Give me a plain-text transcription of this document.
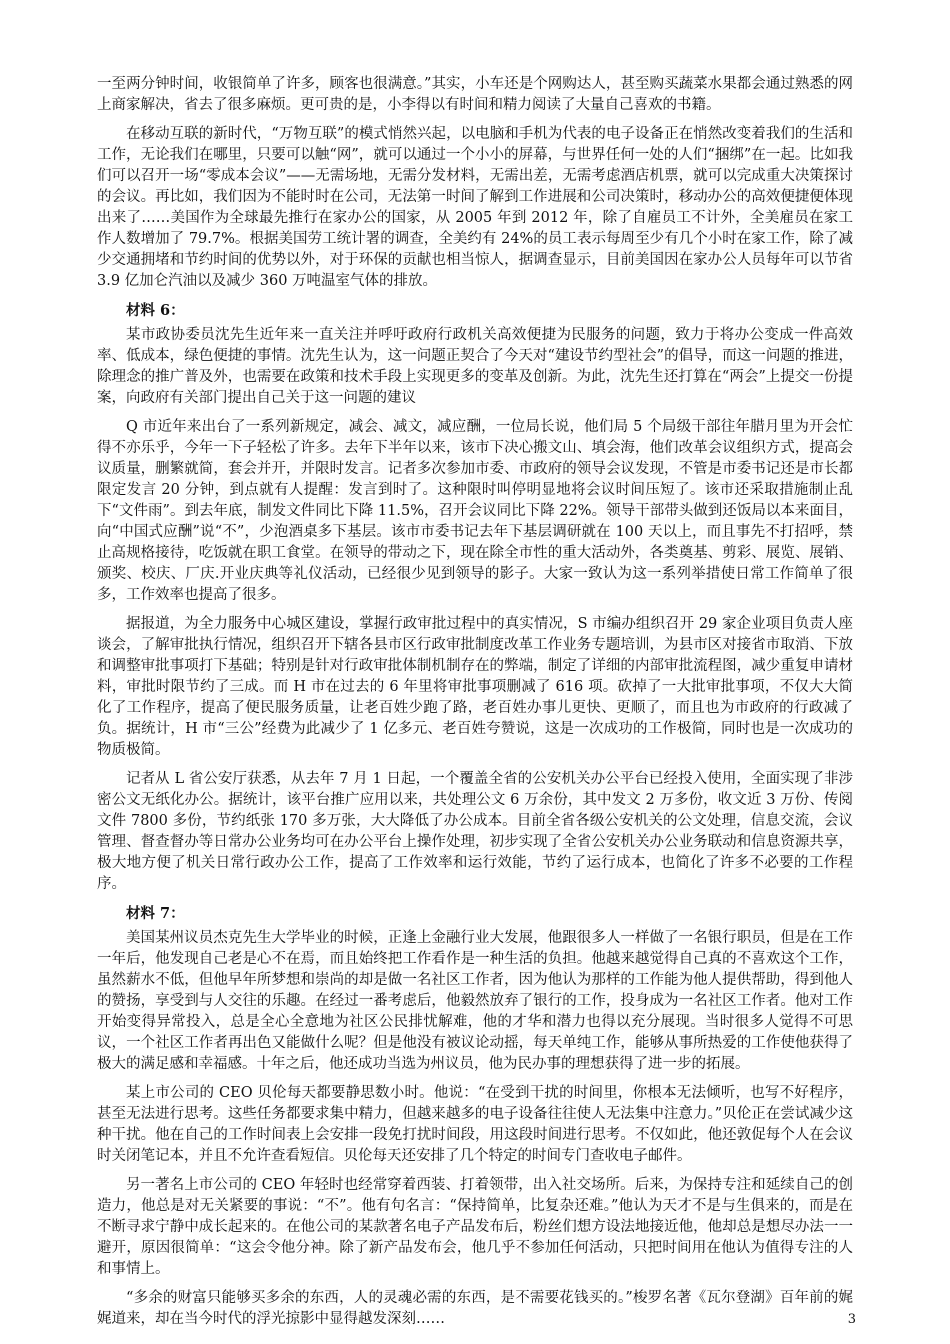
一至两分钟时间，收银简单了许多，顾客也很满意。”其实，小车还是个网购达人，甚至购买蔬菜水果都会通过熟悉的网上商家解决，省去了很多麻烦。更可贵的是，小李得以有时间和精力阅读了大量自己喜欢的书籍。

在移动互联的新时代，“万物互联”的模式悄然兴起，以电脑和手机为代表的电子设备正在悄然改变着我们的生活和工作，无论我们在哪里，只要可以触“网”，就可以通过一个小小的屏幕，与世界任何一处的人们“捆绑”在一起。比如我们可以召开一场“零成本会议”——无需场地，无需分发材料，无需出差，无需考虑酒店机票，就可以完成重大决策探讨的会议。再比如，我们因为不能时时在公司，无法第一时间了解到工作进展和公司决策时，移动办公的高效便捷便体现出来了……美国作为全球最先推行在家办公的国家，从 2005 年到 2012 年，除了自雇员工不计外，全美雇员在家工作人数增加了 79.7%。根据美国劳工统计署的调查，全美约有 24%的员工表示每周至少有几个小时在家工作，除了减少交通拥堵和节约时间的优势以外，对于环保的贡献也相当惊人，据调查显示，目前美国因在家办公人员每年可以节省 3.9 亿加仑汽油以及减少 360 万吨温室气体的排放。

材料 6：

某市政协委员沈先生近年来一直关注并呼吁政府行政机关高效便捷为民服务的问题，致力于将办公变成一件高效率、低成本，绿色便捷的事情。沈先生认为，这一问题正契合了今天对“建设节约型社会”的倡导，而这一问题的推进，除理念的推广普及外，也需要在政策和技术手段上实现更多的变革及创新。为此，沈先生还打算在“两会”上提交一份提案，向政府有关部门提出自己关于这一问题的建议

Q 市近年来出台了一系列新规定，减会、减文，减应酬，一位局长说，他们局 5 个局级干部往年腊月里为开会忙得不亦乐乎，今年一下子轻松了许多。去年下半年以来，该市下决心搬文山、填会海，他们改革会议组织方式，提高会议质量，删繁就简，套会并开，并限时发言。记者多次参加市委、市政府的领导会议发现，不管是市委书记还是市长都限定发言 20 分钟，到点就有人提醒：发言到时了。这种限时叫停明显地将会议时间压短了。该市还采取措施制止乱下“文件雨”。到去年底，制发文件同比下降 11.5%，召开会议同比下降 22%。领导干部带头做到还饭局以本来面目，向“中国式应酬”说“不”，少泡酒桌多下基层。该市市委书记去年下基层调研就在 100 天以上，而且事先不打招呼，禁止高规格接待，吃饭就在职工食堂。在领导的带动之下，现在除全市性的重大活动外，各类奠基、剪彩、展览、展销、颁奖、校庆、厂庆.开业庆典等礼仪活动，已经很少见到领导的影子。大家一致认为这一系列举措使日常工作简单了很多，工作效率也提高了很多。

据报道，为全力服务中心城区建设，掌握行政审批过程中的真实情况，S 市编办组织召开 29 家企业项目负责人座谈会，了解审批执行情况，组织召开下辖各县市区行政审批制度改革工作业务专题培训，为县市区对接省市取消、下放和调整审批事项打下基础；特别是针对行政审批体制机制存在的弊端，制定了详细的内部审批流程图，减少重复申请材料，审批时限节约了三成。而 H 市在过去的 6 年里将审批事项删减了 616 项。砍掉了一大批审批事项，不仅大大简化了工作程序，提高了便民服务质量，让老百姓少跑了路，老百姓办事儿更快、更顺了，而且也为市政府的行政减了负。据统计，H 市“三公”经费为此减少了 1 亿多元、老百姓夸赞说，这是一次成功的工作极简，同时也是一次成功的物质极简。

记者从 L 省公安厅获悉，从去年 7 月 1 日起，一个覆盖全省的公安机关办公平台已经投入使用，全面实现了非涉密公文无纸化办公。据统计，该平台推广应用以来，共处理公文 6 万余份，其中发文 2 万多份，收文近 3 万份、传阅文件 7800 多份，节约纸张 170 多万张，大大降低了办公成本。目前全省各级公安机关的公文处理，信息交流，会议管理、督查督办等日常办公业务均可在办公平台上操作处理，初步实现了全省公安机关办公业务联动和信息资源共享，极大地方便了机关日常行政办公工作，提高了工作效率和运行效能，节约了运行成本，也简化了许多不必要的工作程序。

材料 7：

美国某州议员杰克先生大学毕业的时候，正逢上金融行业大发展，他跟很多人一样做了一名银行职员，但是在工作一年后，他发现自己老是心不在焉，而且始终把工作看作是一种生活的负担。他越来越觉得自己真的不喜欢这个工作，虽然薪水不低，但他早年所梦想和崇尚的却是做一名社区工作者，因为他认为那样的工作能为他人提供帮助，得到他人的赞扬，享受到与人交往的乐趣。在经过一番考虑后，他毅然放弃了银行的工作，投身成为一名社区工作者。他对工作开始变得异常投入，总是全心全意地为社区公民排忧解难，他的才华和潜力也得以充分展现。当时很多人觉得不可思议，一个社区工作者再出色又能做什么呢？但是他没有被议论动摇，每天单纯工作，能够从事所热爱的工作使他获得了极大的满足感和幸福感。十年之后，他还成功当选为州议员，他为民办事的理想获得了进一步的拓展。

某上市公司的 CEO 贝伦每天都要静思数小时。他说：“在受到干扰的时间里，你根本无法倾听，也写不好程序，甚至无法进行思考。这些任务都要求集中精力，但越来越多的电子设备往往使人无法集中注意力。”贝伦正在尝试减少这种干扰。他在自己的工作时间表上会安排一段免打扰时间段，用这段时间进行思考。不仅如此，他还敦促每个人在会议时关闭笔记本，并且不允许查看短信。贝伦每天还安排了几个特定的时间专门查收电子邮件。

另一著名上市公司的 CEO 年轻时也经常穿着西装、打着领带，出入社交场所。后来，为保持专注和延续自己的创造力，他总是对无关紧要的事说：“不”。他有句名言：“保持简单，比复杂还难。”他认为天才不是与生俱来的，而是在不断寻求宁静中成长起来的。在他公司的某款著名电子产品发布后，粉丝们想方设法地接近他，他却总是想尽办法一一避开，原因很简单：“这会令他分神。除了新产品发布会，他几乎不参加任何活动，只把时间用在他认为值得专注的人和事情上。

“多余的财富只能够买多余的东西，人的灵魂必需的东西，是不需要花钱买的。”梭罗名著《瓦尔登湖》百年前的娓娓道来，却在当今时代的浮光掠影中显得越发深刻……	3
